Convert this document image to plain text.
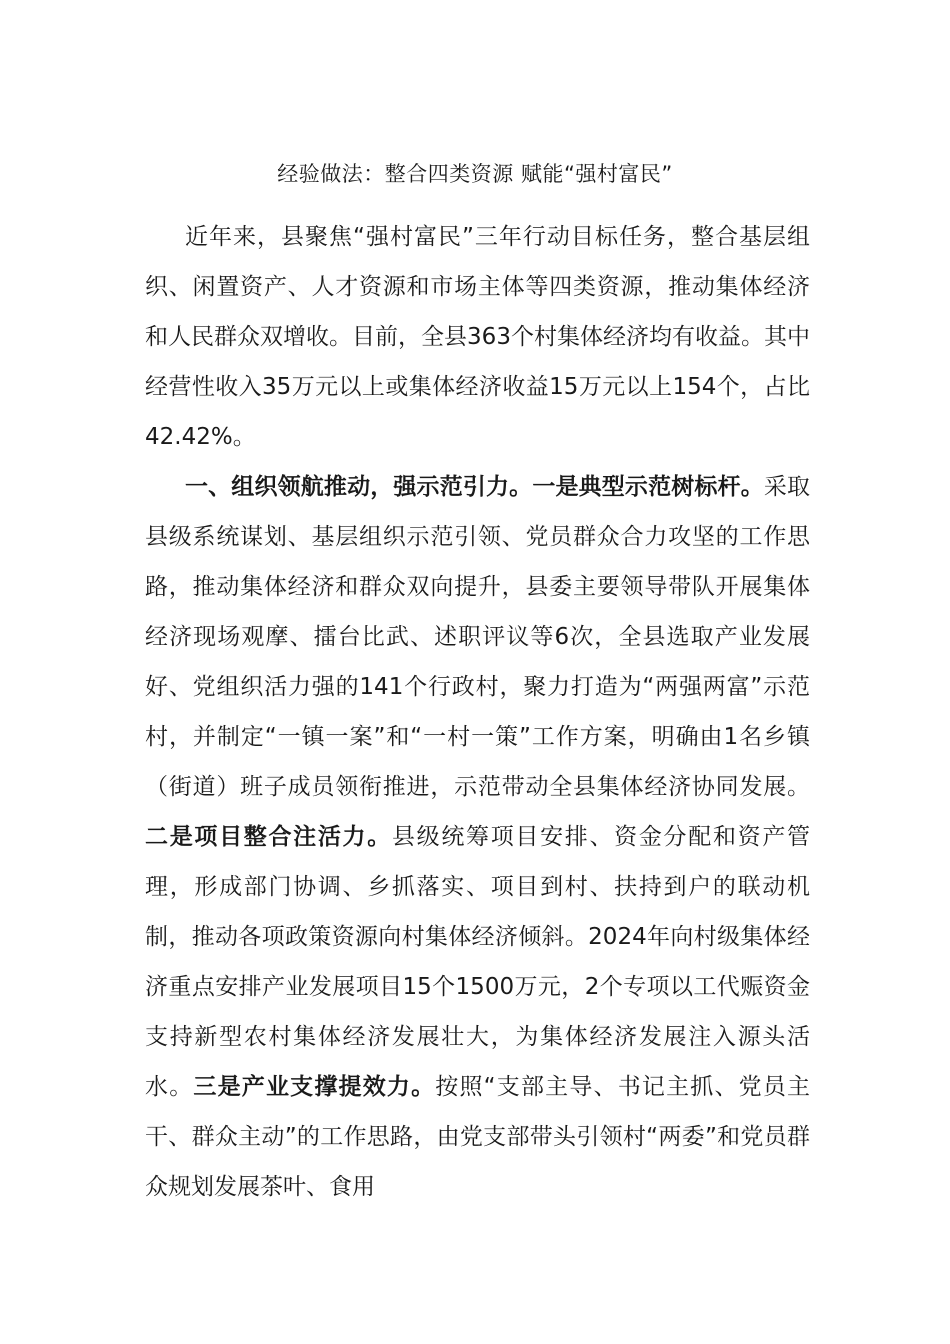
经验做法：整合四类资源 赋能“强村富民”

近年来，县聚焦“强村富民”三年行动目标任务，整合基层组织、闲置资产、人才资源和市场主体等四类资源，推动集体经济和人民群众双增收。目前，全县363个村集体经济均有收益。其中经营性收入35万元以上或集体经济收益15万元以上154个，占比42.42%。

一、组织领航推动，强示范引力。一是典型示范树标杆。采取县级系统谋划、基层组织示范引领、党员群众合力攻坚的工作思路，推动集体经济和群众双向提升，县委主要领导带队开展集体经济现场观摩、擂台比武、述职评议等6次，全县选取产业发展好、党组织活力强的141个行政村，聚力打造为“两强两富”示范村，并制定“一镇一案”和“一村一策”工作方案，明确由1名乡镇（街道）班子成员领衔推进，示范带动全县集体经济协同发展。二是项目整合注活力。县级统筹项目安排、资金分配和资产管理，形成部门协调、乡抓落实、项目到村、扶持到户的联动机制，推动各项政策资源向村集体经济倾斜。2024年向村级集体经济重点安排产业发展项目15个1500万元，2个专项以工代赈资金支持新型农村集体经济发展壮大，为集体经济发展注入源头活水。三是产业支撑提效力。按照“支部主导、书记主抓、党员主干、群众主动”的工作思路，由党支部带头引领村“两委”和党员群众规划发展茶叶、食用
